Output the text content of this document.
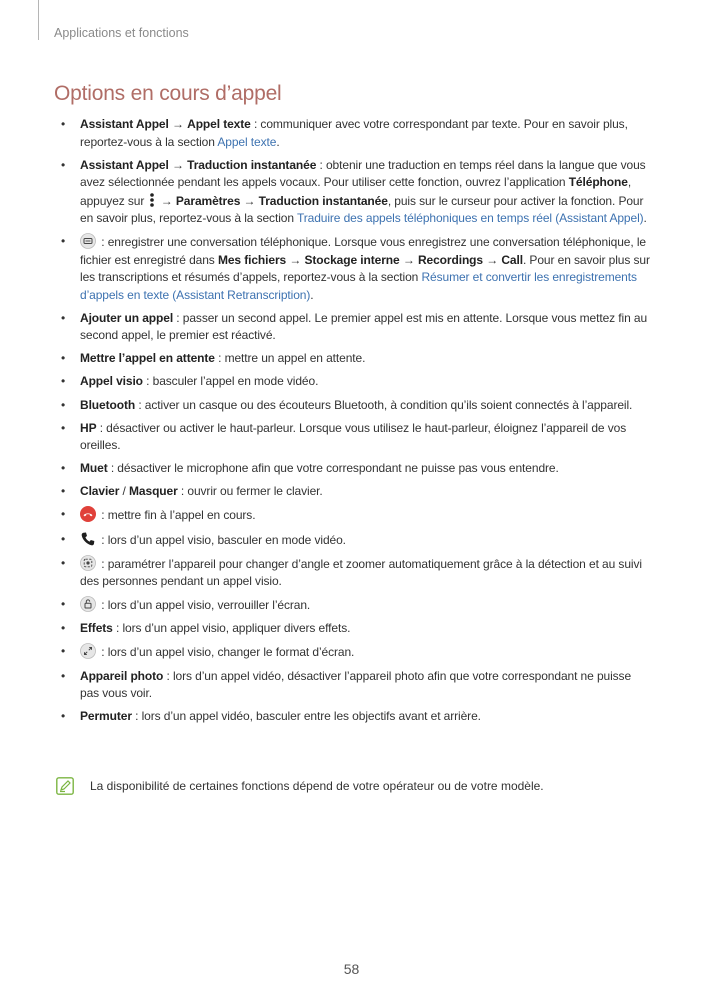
Applications et fonctions
Options en cours d’appel
• Assistant Appel → Appel texte : communiquer avec votre correspondant par texte. Pour en savoir plus, reportez-vous à la section Appel texte.
• Assistant Appel → Traduction instantanée : obtenir une traduction en temps réel dans la langue que vous avez sélectionnée pendant les appels vocaux. Pour utiliser cette fonction, ouvrez l’application Téléphone, appuyez sur  → Paramètres → Traduction instantanée, puis sur le curseur pour activer la fonction. Pour en savoir plus, reportez-vous à la section Traduire des appels téléphoniques en temps réel (Assistant Appel).
• : enregistrer une conversation téléphonique. Lorsque vous enregistrez une conversation téléphonique, le fichier est enregistré dans Mes fichiers → Stockage interne → Recordings → Call. Pour en savoir plus sur les transcriptions et résumés d’appels, reportez-vous à la section Résumer et convertir les enregistrements d’appels en texte (Assistant Retranscription).
• Ajouter un appel : passer un second appel. Le premier appel est mis en attente. Lorsque vous mettez fin au second appel, le premier est réactivé.
• Mettre l’appel en attente : mettre un appel en attente.
• Appel visio : basculer l’appel en mode vidéo.
• Bluetooth : activer un casque ou des écouteurs Bluetooth, à condition qu’ils soient connectés à l’appareil.
• HP : désactiver ou activer le haut-parleur. Lorsque vous utilisez le haut-parleur, éloignez l’appareil de vos oreilles.
• Muet : désactiver le microphone afin que votre correspondant ne puisse pas vous entendre.
• Clavier / Masquer : ouvrir ou fermer le clavier.
• : mettre fin à l’appel en cours.
• : lors d’un appel visio, basculer en mode vidéo.
• : paramétrer l’appareil pour changer d’angle et zoomer automatiquement grâce à la détection et au suivi des personnes pendant un appel visio.
• : lors d’un appel visio, verrouiller l’écran.
• Effets : lors d’un appel visio, appliquer divers effets.
• : lors d’un appel visio, changer le format d’écran.
• Appareil photo : lors d’un appel vidéo, désactiver l’appareil photo afin que votre correspondant ne puisse pas vous voir.
• Permuter : lors d’un appel vidéo, basculer entre les objectifs avant et arrière.
La disponibilité de certaines fonctions dépend de votre opérateur ou de votre modèle.
58
